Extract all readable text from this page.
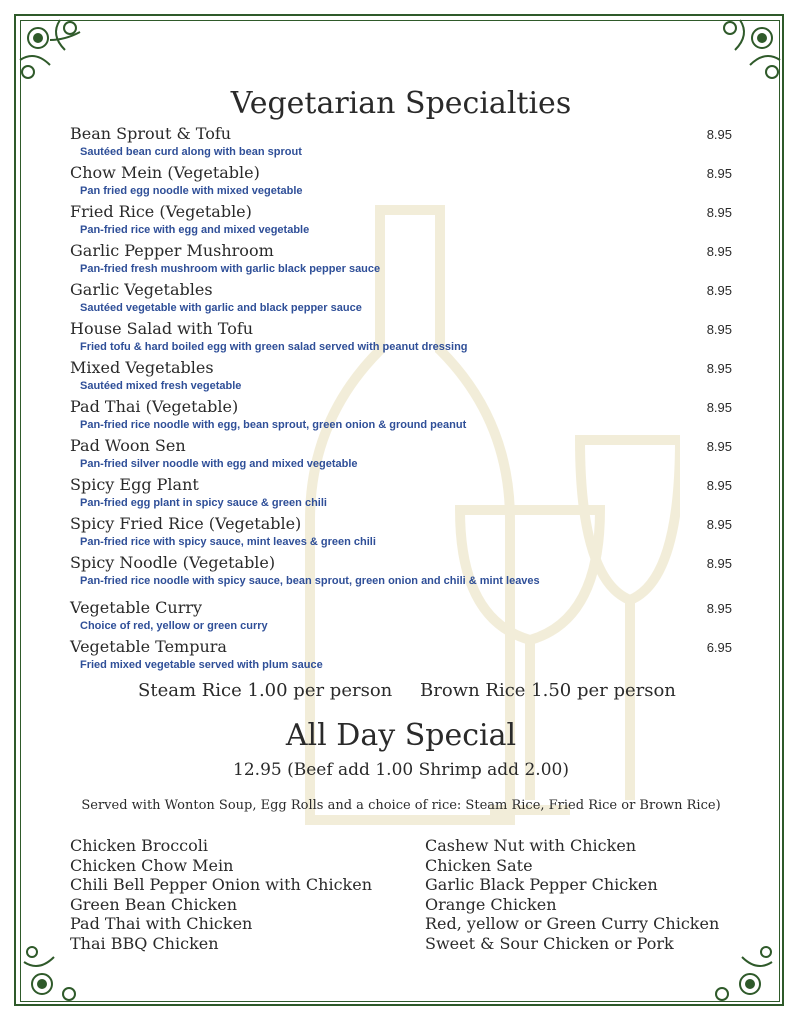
Vegetarian Specialties
Bean Sprout & Tofu	8.95
Sautéed bean curd along with bean sprout
Chow Mein (Vegetable)	8.95
Pan fried egg noodle with mixed vegetable
Fried Rice (Vegetable)	8.95
Pan-fried rice with egg and mixed vegetable
Garlic Pepper Mushroom	8.95
Pan-fried fresh mushroom with garlic black pepper sauce
Garlic Vegetables	8.95
Sautéed vegetable with garlic and black pepper sauce
House Salad with Tofu	8.95
Fried tofu & hard boiled egg with green salad served with peanut dressing
Mixed Vegetables	8.95
Sautéed mixed fresh vegetable
Pad Thai (Vegetable)	8.95
Pan-fried rice noodle with egg, bean sprout, green onion & ground peanut
Pad Woon Sen	8.95
Pan-fried silver noodle with egg and mixed vegetable
Spicy Egg Plant	8.95
Pan-fried egg plant in spicy sauce & green chili
Spicy Fried Rice (Vegetable)	8.95
Pan-fried rice with spicy sauce, mint leaves & green chili
Spicy Noodle (Vegetable)	8.95
Pan-fried rice noodle with spicy sauce, bean sprout, green onion and chili & mint leaves
Vegetable Curry	8.95
Choice of red, yellow or green curry
Vegetable Tempura	6.95
Fried mixed vegetable served with plum sauce
Steam Rice 1.00 per person Brown Rice 1.50 per person
All Day Special
12.95 (Beef add 1.00 Shrimp add 2.00)
Served with Wonton Soup, Egg Rolls and a choice of rice: Steam Rice, Fried Rice or Brown Rice)
Chicken Broccoli
Chicken Chow Mein
Chili Bell Pepper Onion with Chicken
Green Bean Chicken
Pad Thai with Chicken
Thai BBQ Chicken
Cashew Nut with Chicken
Chicken Sate
Garlic Black Pepper Chicken
Orange Chicken
Red, yellow or Green Curry Chicken
Sweet & Sour Chicken or Pork
